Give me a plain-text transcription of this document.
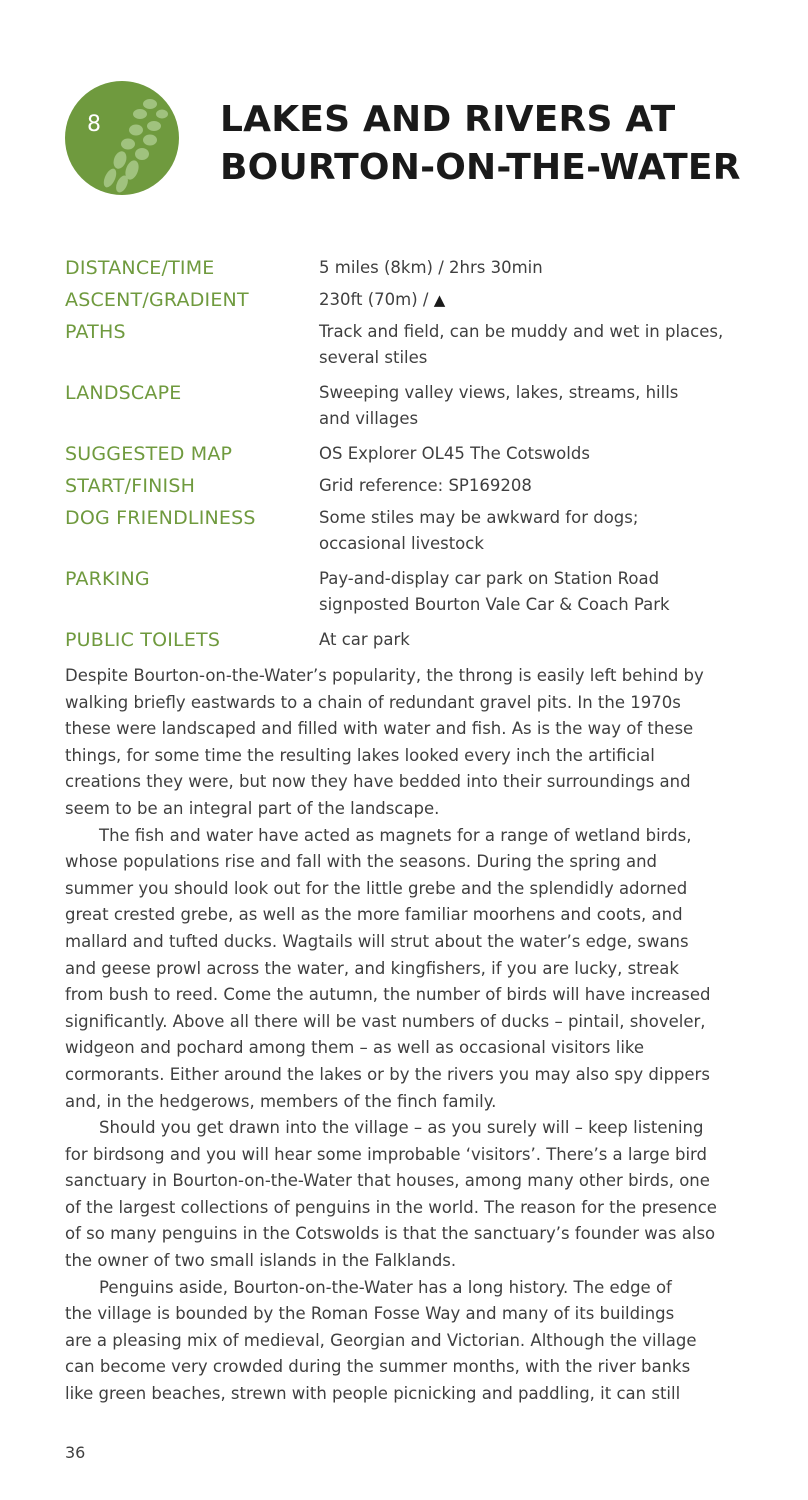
8	LAKES AND RIVERS AT
BOURTON-ON-THE-WATER
DISTANCE/TIME	5 miles (8km) / 2hrs 30min
ASCENT/GRADIENT	230ft (70m) / ▲
PATHS	Track and field, can be muddy and wet in places,
several stiles
LANDSCAPE	Sweeping valley views, lakes, streams, hills
and villages
SUGGESTED MAP	OS Explorer OL45 The Cotswolds
START/FINISH	Grid reference: SP169208
DOG FRIENDLINESS	Some stiles may be awkward for dogs;
occasional livestock
PARKING	Pay-and-display car park on Station Road
signposted Bourton Vale Car & Coach Park
PUBLIC TOILETS	At car park
Despite Bourton-on-the-Water’s popularity, the throng is easily left behind by
walking briefly eastwards to a chain of redundant gravel pits. In the 1970s
these were landscaped and filled with water and fish. As is the way of these
things, for some time the resulting lakes looked every inch the artificial
creations they were, but now they have bedded into their surroundings and
seem to be an integral part of the landscape.
The fish and water have acted as magnets for a range of wetland birds,
whose populations rise and fall with the seasons. During the spring and
summer you should look out for the little grebe and the splendidly adorned
great crested grebe, as well as the more familiar moorhens and coots, and
mallard and tufted ducks. Wagtails will strut about the water’s edge, swans
and geese prowl across the water, and kingfishers, if you are lucky, streak
from bush to reed. Come the autumn, the number of birds will have increased
significantly. Above all there will be vast numbers of ducks – pintail, shoveler,
widgeon and pochard among them – as well as occasional visitors like
cormorants. Either around the lakes or by the rivers you may also spy dippers
and, in the hedgerows, members of the finch family.
Should you get drawn into the village – as you surely will – keep listening
for birdsong and you will hear some improbable ‘visitors’. There’s a large bird
sanctuary in Bourton-on-the-Water that houses, among many other birds, one
of the largest collections of penguins in the world. The reason for the presence
of so many penguins in the Cotswolds is that the sanctuary’s founder was also
the owner of two small islands in the Falklands.
Penguins aside, Bourton-on-the-Water has a long history. The edge of
the village is bounded by the Roman Fosse Way and many of its buildings
are a pleasing mix of medieval, Georgian and Victorian. Although the village
can become very crowded during the summer months, with the river banks
like green beaches, strewn with people picnicking and paddling, it can still
36
